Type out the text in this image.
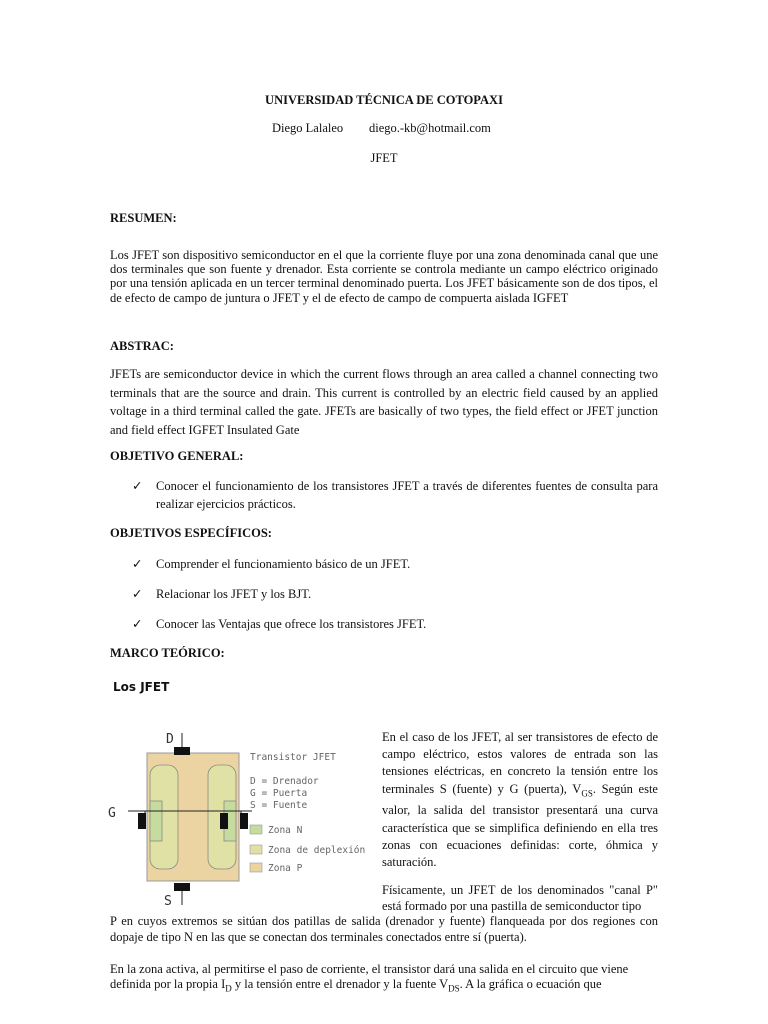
UNIVERSIDAD TÉCNICA DE COTOPAXI
Diego Lalaleo diego.-kb@hotmail.com
JFET
RESUMEN:
Los JFET son dispositivo semiconductor en el que la corriente fluye por una zona denominada canal que une dos terminales que son fuente y drenador. Esta corriente se controla mediante un campo eléctrico originado por una tensión aplicada en un tercer terminal denominado puerta. Los JFET básicamente son de dos tipos, el de efecto de campo de juntura o JFET y el de efecto de campo de compuerta aislada IGFET
ABSTRAC:
JFETs are semiconductor device in which the current flows through an area called a channel connecting two terminals that are the source and drain. This current is controlled by an electric field caused by an applied voltage in a third terminal called the gate. JFETs are basically of two types, the field effect or JFET junction and field effect IGFET Insulated Gate
OBJETIVO GENERAL:
✓ Conocer el funcionamiento de los transistores JFET a través de diferentes fuentes de consulta para realizar ejercicios prácticos.
OBJETIVOS ESPECÍFICOS:
✓ Comprender el funcionamiento básico de un JFET.
✓ Relacionar los JFET y los BJT.
✓ Conocer las Ventajas que ofrece los transistores JFET.
MARCO TEÓRICO:
Los JFET
D
G
S
Transistor JFET
D = Drenador
G = Puerta
S = Fuente
Zona N
Zona de deplexión
Zona P
En el caso de los JFET, al ser transistores de efecto de campo eléctrico, estos valores de entrada son las tensiones eléctricas, en concreto la tensión entre los terminales S (fuente) y G (puerta), $V_{GS}$. Según este valor, la salida del transistor presentará una curva característica que se simplifica definiendo en ella tres zonas con ecuaciones definidas: corte, óhmica y saturación.
Físicamente, un JFET de los denominados "canal P" está formado por una pastilla de semiconductor tipo
P en cuyos extremos se sitúan dos patillas de salida (drenador y fuente) flanqueada por dos regiones con dopaje de tipo N en las que se conectan dos terminales conectados entre sí (puerta).
En la zona activa, al permitirse el paso de corriente, el transistor dará una salida en el circuito que viene
definida por la propia $I_D$ y la tensión entre el drenador y la fuente $V_{DS}$. A la gráfica o ecuación que
